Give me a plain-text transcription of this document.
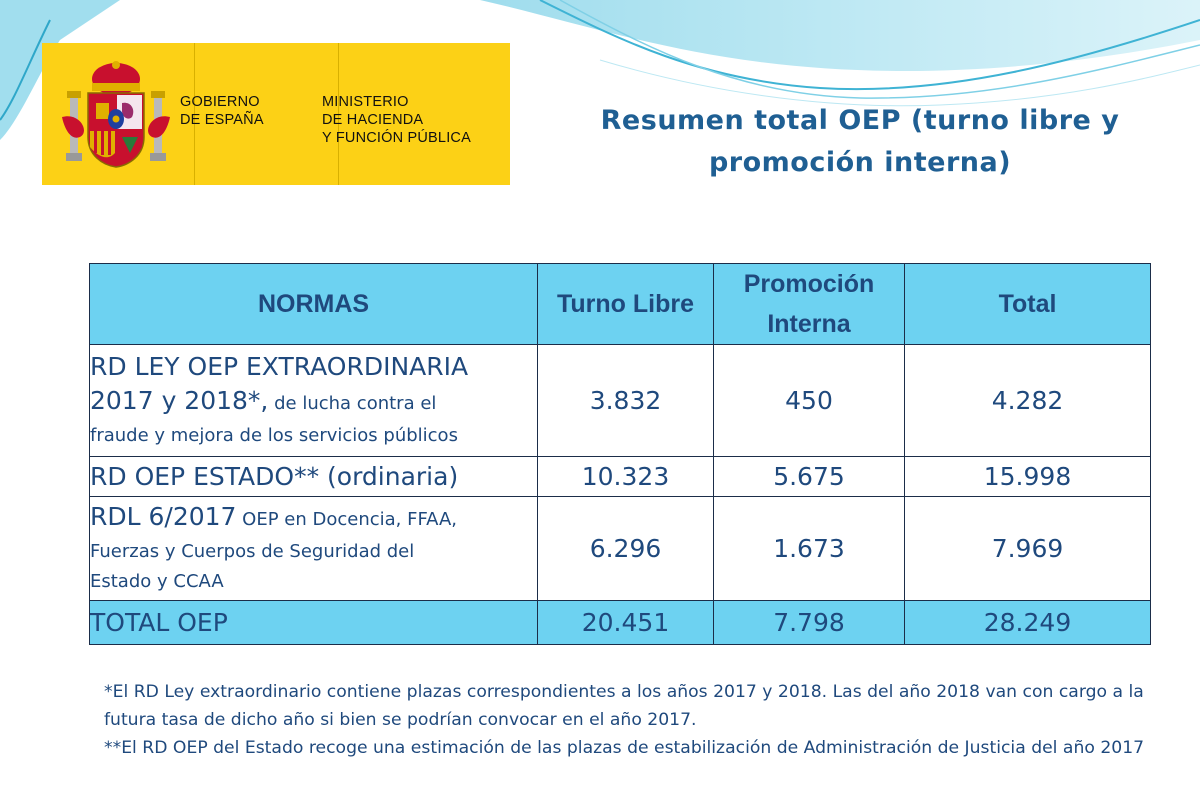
GOBIERNO
DE ESPAÑA
MINISTERIO
DE HACIENDA
Y FUNCIÓN PÚBLICA
Resumen total OEP (turno libre y
promoción interna)
NORMAS	Turno Libre	Promoción Interna	Total

RD LEY OEP EXTRAORDINARIA
2017 y 2018*, de lucha contra el
fraude y mejora de los servicios públicos	3.832	450	4.282

RD OEP ESTADO** (ordinaria)	10.323	5.675	15.998

RDL 6/2017 OEP en Docencia, FFAA,
Fuerzas y Cuerpos de Seguridad del
Estado y CCAA	6.296	1.673	7.969
TOTAL OEP	20.451	7.798	28.249

*El RD Ley extraordinario contiene plazas correspondientes a los años 2017 y 2018. Las del año 2018 van con cargo a la futura tasa de dicho año si bien se podrían convocar en el año 2017.

**El RD OEP del Estado recoge una estimación de las plazas de estabilización de Administración de Justicia del año 2017
